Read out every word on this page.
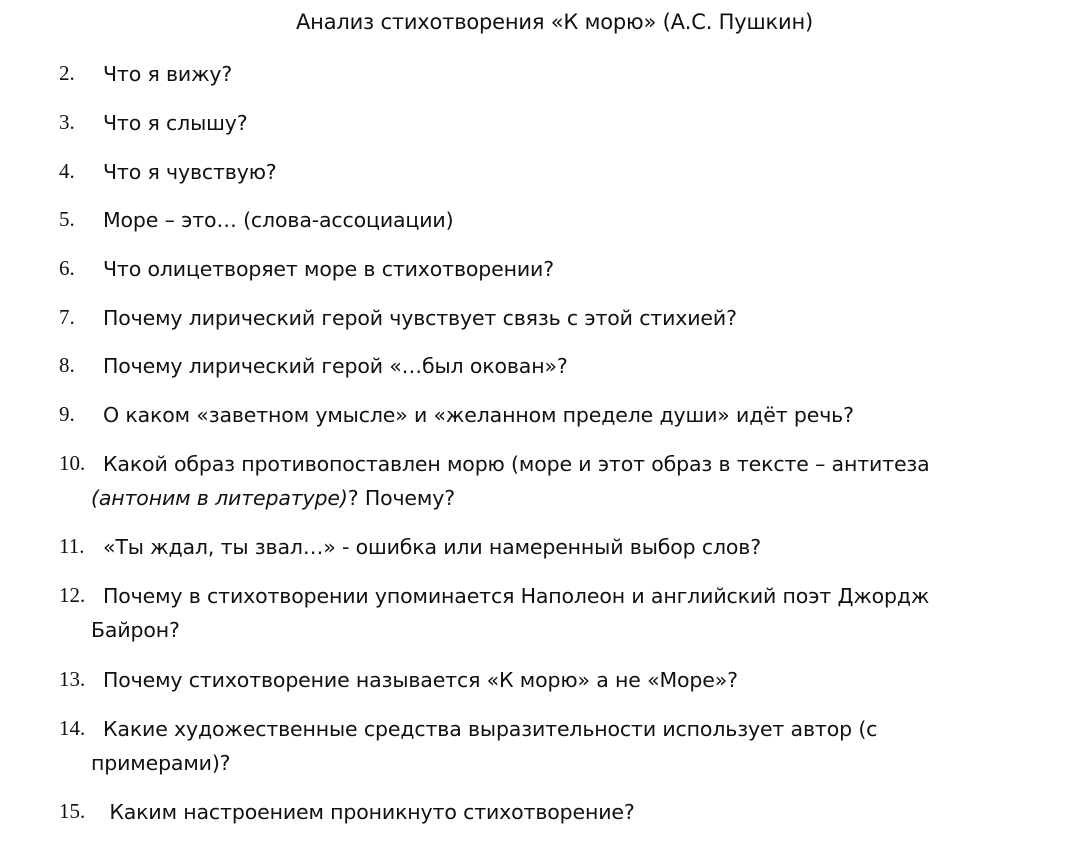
Анализ стихотворения «К морю» (А.С. Пушкин)
2. Что я вижу?
3. Что я слышу?
4. Что я чувствую?
5. Море – это… (слова-ассоциации)
6. Что олицетворяет море в стихотворении?
7. Почему лирический герой чувствует связь с этой стихией?
8. Почему лирический герой «…был окован»?
9. О каком «заветном умысле» и «желанном пределе души» идёт речь?
10. Какой образ противопоставлен морю (море и этот образ в тексте – антитеза
(антоним в литературе)? Почему?
11. «Ты ждал, ты звал…» - ошибка или намеренный выбор слов?
12. Почему в стихотворении упоминается Наполеон и английский поэт Джордж
Байрон?
13. Почему стихотворение называется «К морю» а не «Море»?
14. Какие художественные средства выразительности использует автор (с
примерами)?
15. Каким настроением проникнуто стихотворение?
